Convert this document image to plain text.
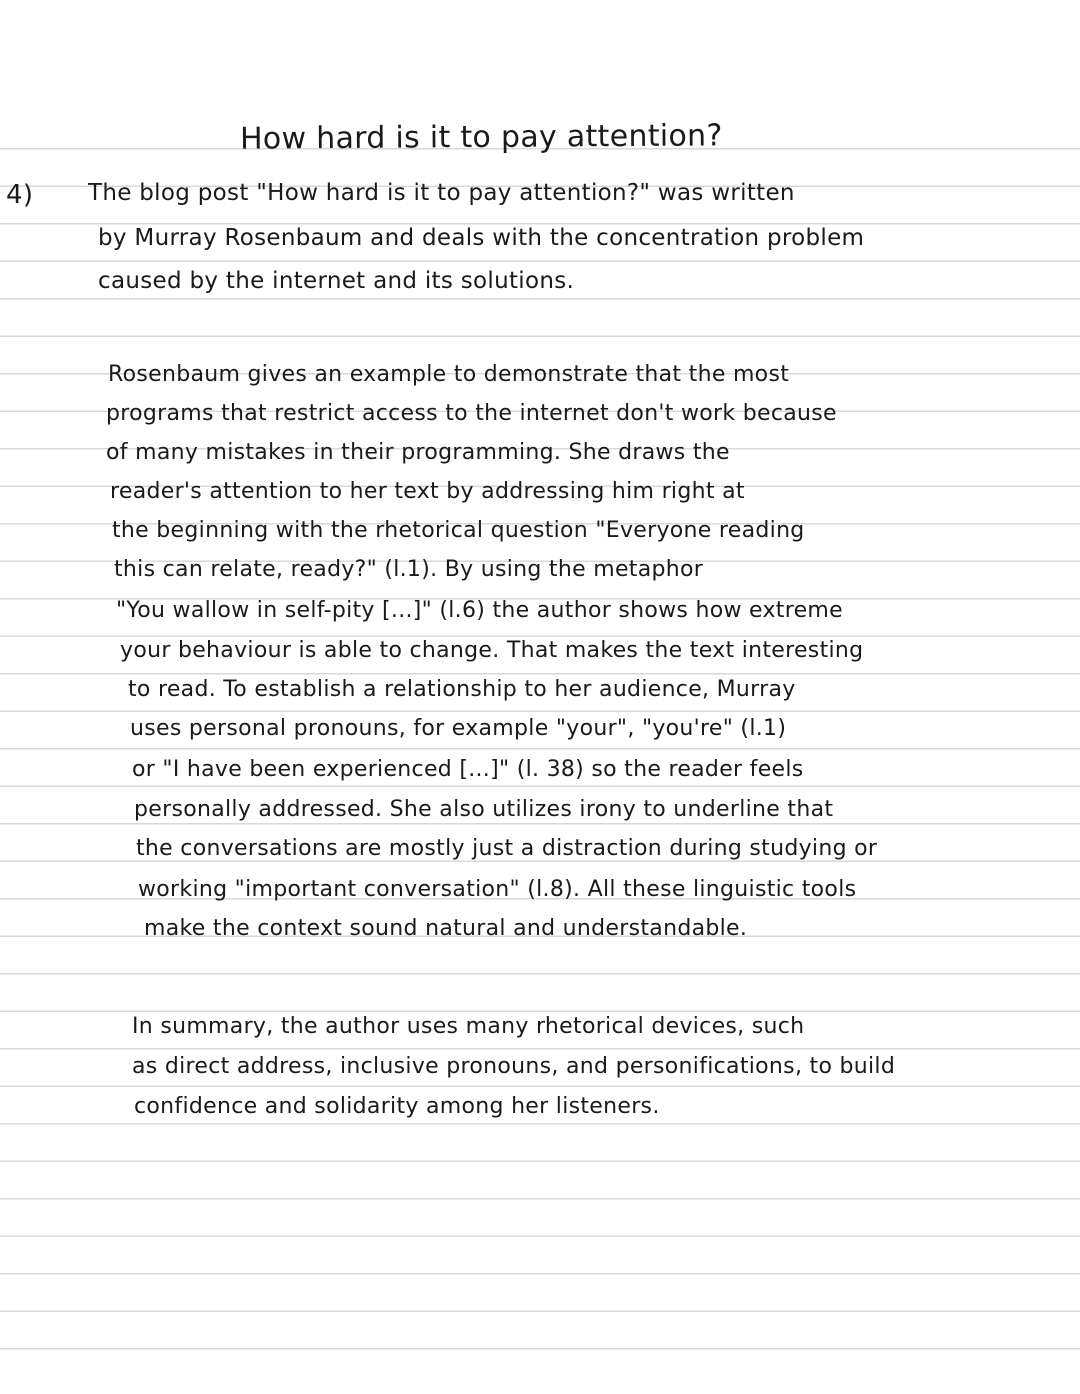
How hard is it to pay attention?
4) The blog post "How hard is it to pay attention?" was written
by Murray Rosenbaum and deals with the concentration problem
caused by the internet and its solutions.
Rosenbaum gives an example to demonstrate that the most
programs that restrict access to the internet don't work because
of many mistakes in their programming. She draws the
reader's attention to her text by addressing him right at
the beginning with the rhetorical question "Everyone reading
this can relate, ready?" (l.1). By using the metaphor
"You wallow in self-pity [...]" (l.6) the author shows how extreme
your behaviour is able to change. That makes the text interesting
to read. To establish a relationship to her audience, Murray
uses personal pronouns, for example "your", "you're" (l.1)
or "I have been experienced [...]" (l. 38) so the reader feels
personally addressed. She also utilizes irony to underline that
the conversations are mostly just a distraction during studying or
working "important conversation" (l.8). All these linguistic tools
make the context sound natural and understandable.
In summary, the author uses many rhetorical devices, such
as direct address, inclusive pronouns, and personifications, to build
confidence and solidarity among her listeners.
